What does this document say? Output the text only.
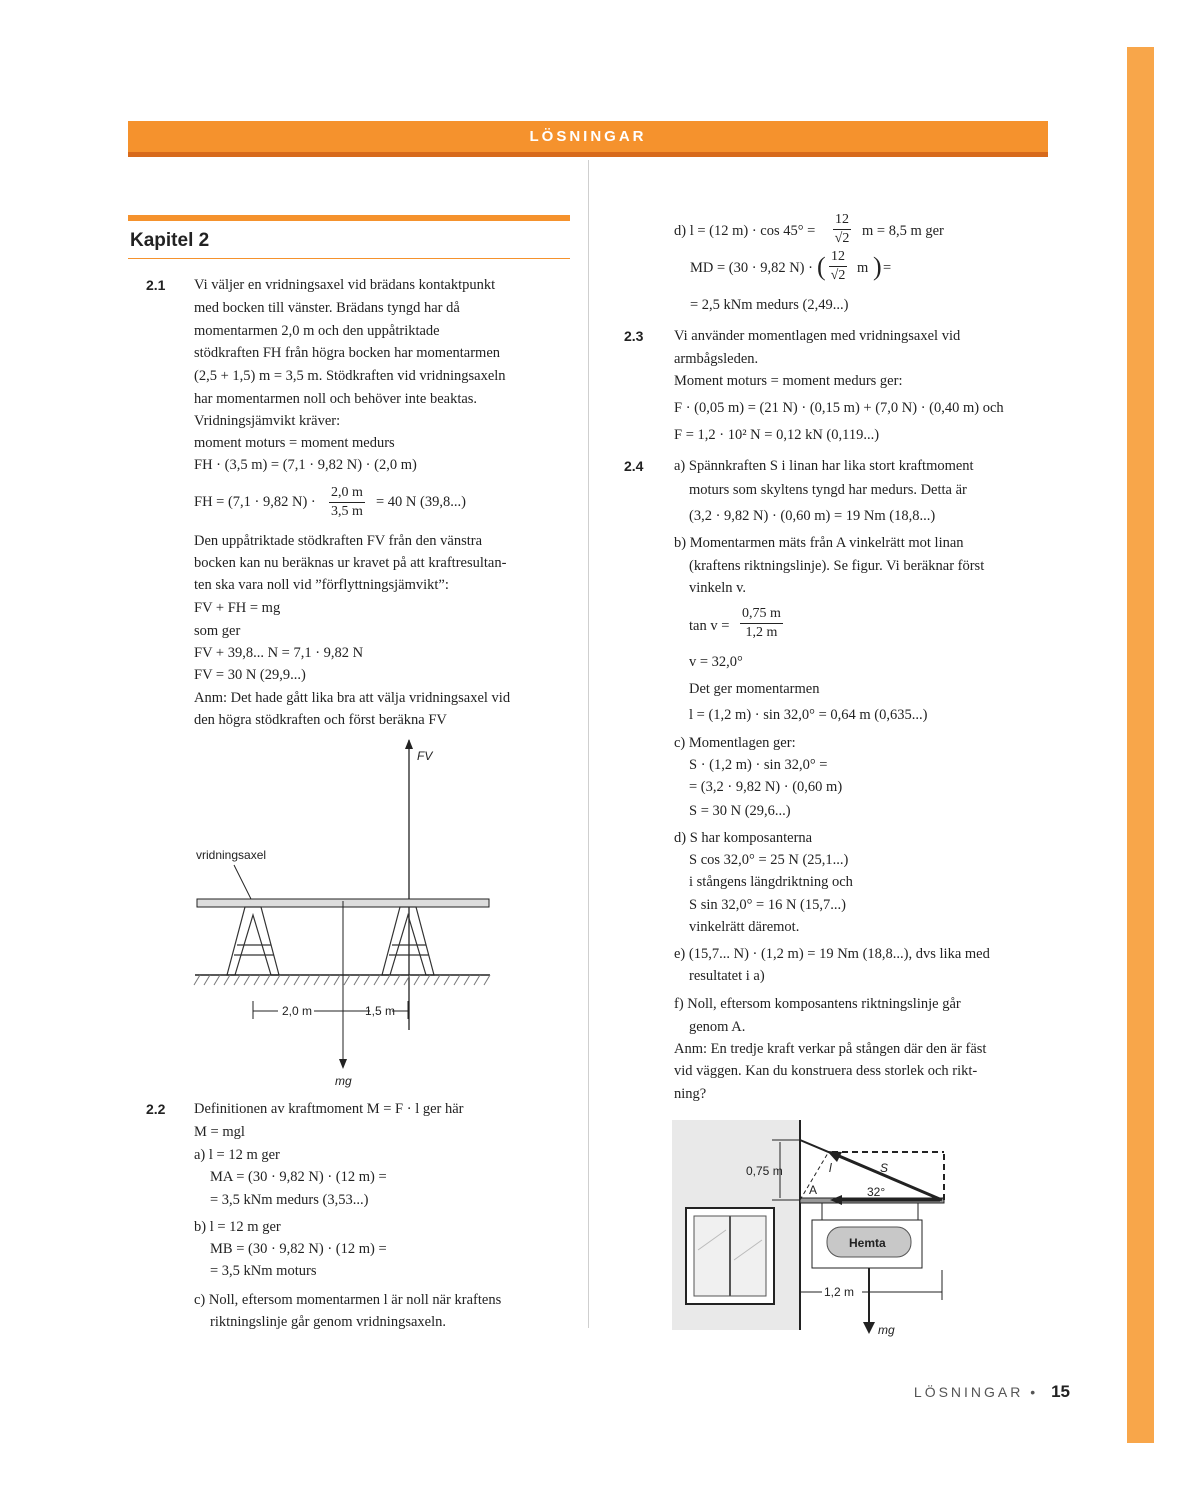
LÖSNINGAR
Kapitel 2
2.1 Vi väljer en vridningsaxel vid brädans kontaktpunkt
med bocken till vänster. Brädans tyngd har då
momentarmen 2,0 m och den uppåtriktade
stödkraften FH från högra bocken har momentarmen
(2,5 + 1,5) m = 3,5 m. Stödkraften vid vridningsaxeln
har momentarmen noll och behöver inte beaktas.
Vridningsjämvikt kräver:
moment moturs = moment medurs
FH · (3,5 m) = (7,1 · 9,82 N) · (2,0 m)
FH = (7,1 · 9,82 $N) \cdot \frac{2,0 m}{3,5 m} = 40$ N (39,8...)
Den uppåtriktade stödkraften FV från den vänstra
bocken kan nu beräknas ur kravet på att kraftresultan-
ten ska vara noll vid ”förflyttningsjämvikt”:
FV + FH = mg
som ger
FV + 39,8... N = 7,1 · 9,82 N
FV = 30 N (29,9...)
Anm: Det hade gått lika bra att välja vridningsaxel vid
den högra stödkraften och först beräkna FV
FV
vridningsaxel
mg
2,0 m	1,5 m
2.2 Definitionen av kraftmoment M = F · l ger här
M = mgl
a) l = 12 m ger
MA = (30 · 9,82 N) · (12 m) =
= 3,5 kNm medurs (3,53...)
b) l = 12 m ger
MB = (30 · 9,82 N) · (12 m) =
= 3,5 kNm moturs
c) Noll, eftersom momentarmen l är noll när kraftens
riktningslinje går genom vridningsaxeln.
d) l = (12 $m) \cdot \cos 45^\circ = \frac{12}{√2}$ m = 8,5 m ger
MD = (30 · 9,82 N) · ( $\frac{12}{√2}$ m ) =
= 2,5 kNm medurs (2,49...)
2.3 Vi använder momentlagen med vridningsaxel vid
armbågsleden.
Moment moturs = moment medurs ger:
F · (0,05 m) = (21 N) · (0,15 m) + (7,0 N) · (0,40 m) och
F = 1,2 · 10² N = 0,12 kN (0,119...)
2.4 a) Spännkraften S i linan har lika stort kraftmoment
moturs som skyltens tyngd har medurs. Detta är
(3,2 · 9,82 N) · (0,60 m) = 19 Nm (18,8...)
b) Momentarmen mäts från A vinkelrätt mot linan
(kraftens riktningslinje). Se figur. Vi beräknar först
vinkeln v.
$\tan v = \frac{0,75 m}{1,2 m}$
v = 32,0°
Det ger momentarmen
l = (1,2 m) · sin 32,0° = 0,64 m (0,635...)
c) Momentlagen ger:
S · (1,2 m) · sin 32,0° =
= (3,2 · 9,82 N) · (0,60 m)
S = 30 N (29,6...)
d) S har komposanterna
S cos 32,0° = 25 N (25,1...)
i stångens längdriktning och
S sin 32,0° = 16 N (15,7...)
vinkelrätt däremot.
e) (15,7... N) · (1,2 m) = 19 Nm (18,8...), dvs lika med
resultatet i a)
f) Noll, eftersom komposantens riktningslinje går
genom A.
Anm: En tredje kraft verkar på stången där den är fäst
vid väggen. Kan du konstruera dess storlek och rikt-
ning?
0,75 m
A
l	S
32°
Hemta
1,2 m
mg
LÖSNINGAR • 15
